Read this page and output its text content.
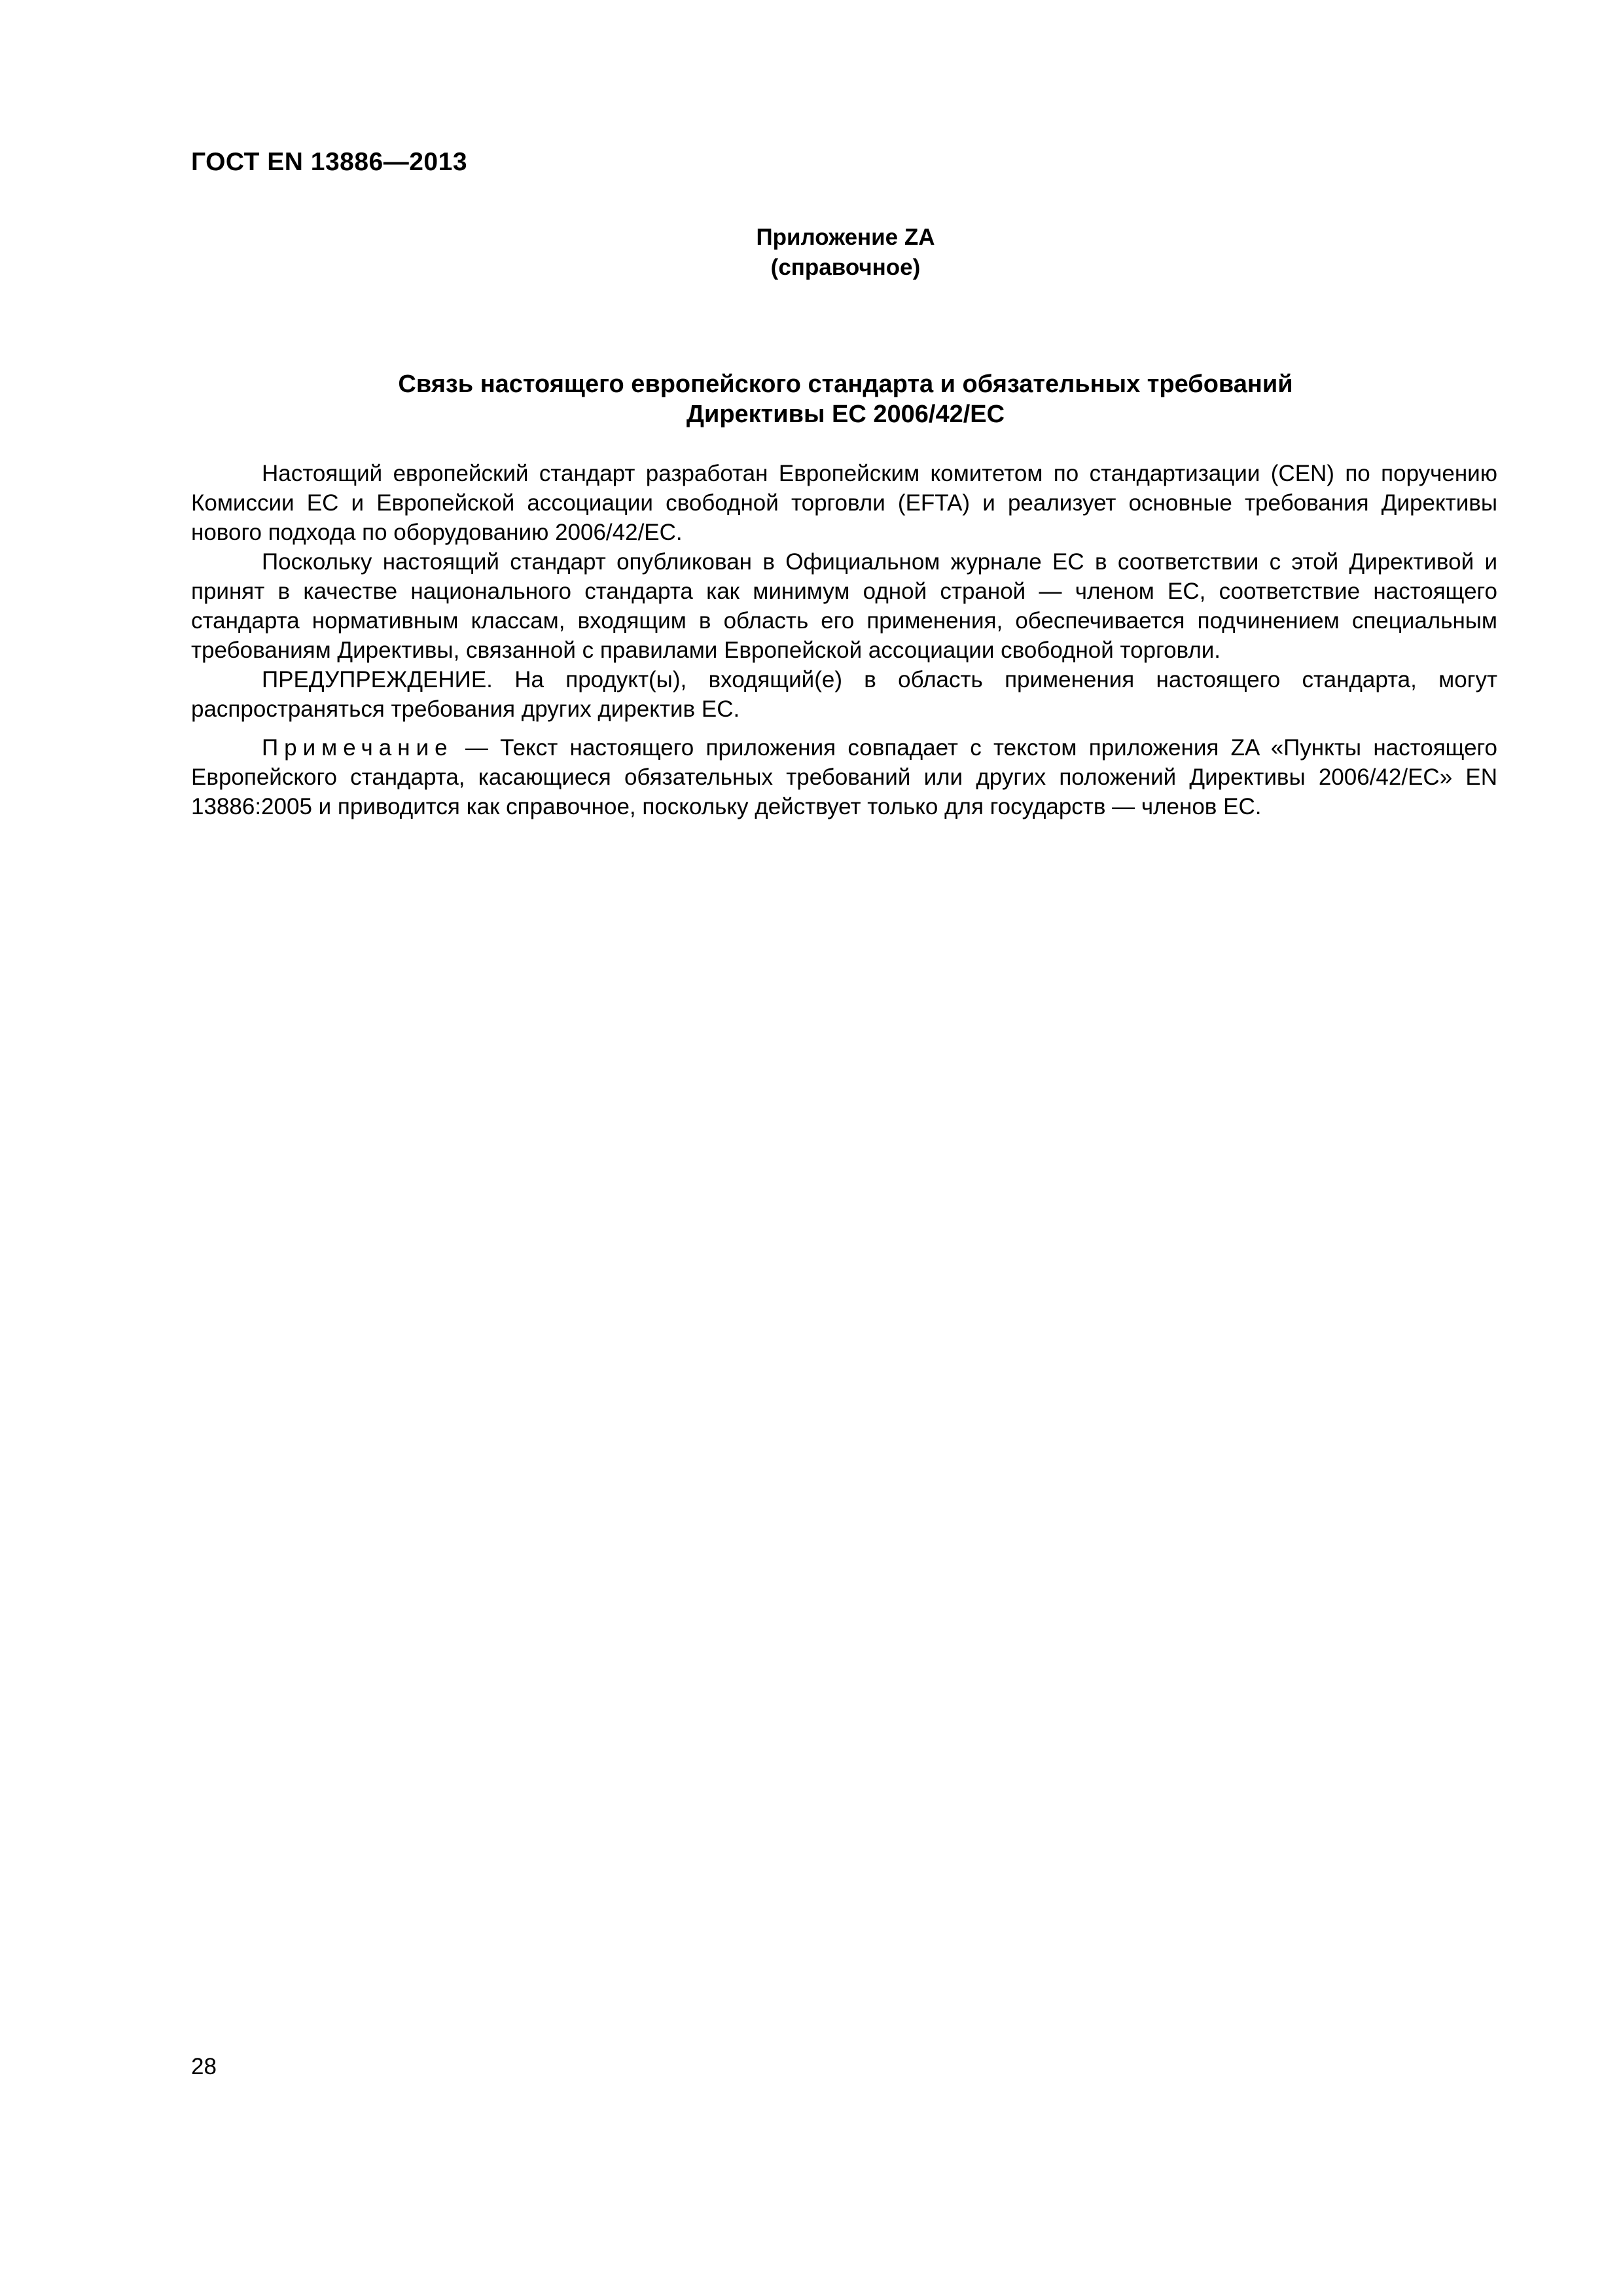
ГОСТ EN 13886—2013
Приложение ZA
(справочное)
Связь настоящего европейского стандарта и обязательных требований
Директивы ЕС 2006/42/ЕС

Настоящий европейский стандарт разработан Европейским комитетом по стандартизации (CEN) по поручению Комиссии ЕС и Европейской ассоциации свободной торговли (EFTA) и реализует основные требования Директивы нового подхода по оборудованию 2006/42/ЕС.

Поскольку настоящий стандарт опубликован в Официальном журнале ЕС в соответствии с этой Директивой и принят в качестве национального стандарта как минимум одной страной — членом ЕС, соответствие настоящего стандарта нормативным классам, входящим в область его применения, обеспечивается подчинением специальным требованиям Директивы, связанной с правилами Европейской ассоциации свободной торговли.

ПРЕДУПРЕЖДЕНИЕ. На продукт(ы), входящий(е) в область применения настоящего стандарта, могут распространяться требования других директив ЕС.

Примечание — Текст настоящего приложения совпадает с текстом приложения ZA «Пункты настоящего Европейского стандарта, касающиеся обязательных требований или других положений Директивы 2006/42/ЕС» EN 13886:2005 и приводится как справочное, поскольку действует только для государств — членов ЕС.

28
